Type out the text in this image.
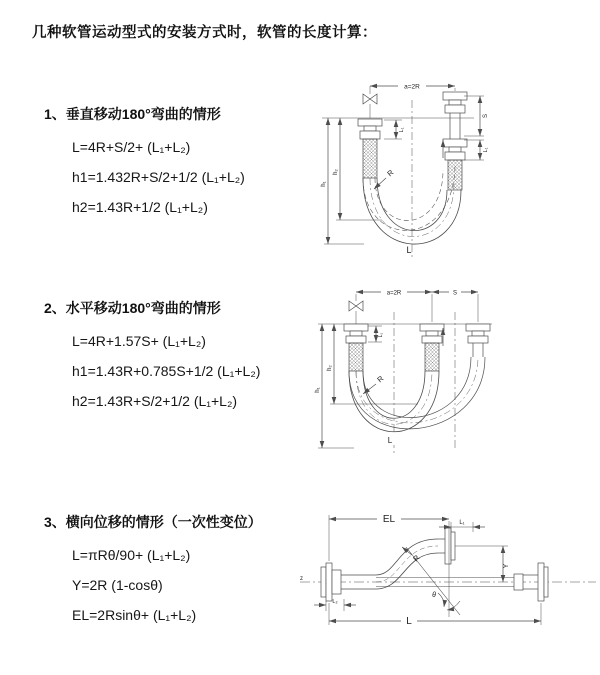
几种软管运动型式的安装方式时，软管的长度计算：
1、垂直移动180°弯曲的情形
L=4R+S/2+ (L₁+L₂)
h1=1.432R+S/2+1/2 (L₁+L₂)
h2=1.43R+1/2 (L₁+L₂)
2、水平移动180°弯曲的情形
L=4R+1.57S+ (L₁+L₂)
h1=1.43R+0.785S+1/2 (L₁+L₂)
h2=1.43R+S/2+1/2 (L₁+L₂)
3、横向位移的情形（一次性变位）
L=πRθ/90+ (L₁+L₂)
Y=2R (1-cosθ)
EL=2Rsinθ+ (L₁+L₂)
a=2R
h₁
h₂
L₁
S
L₁
R
L
a=2R	S
h₁
h₂
L₁
R
L
EL	L₁
Y
R
θ
L
L₂
z
